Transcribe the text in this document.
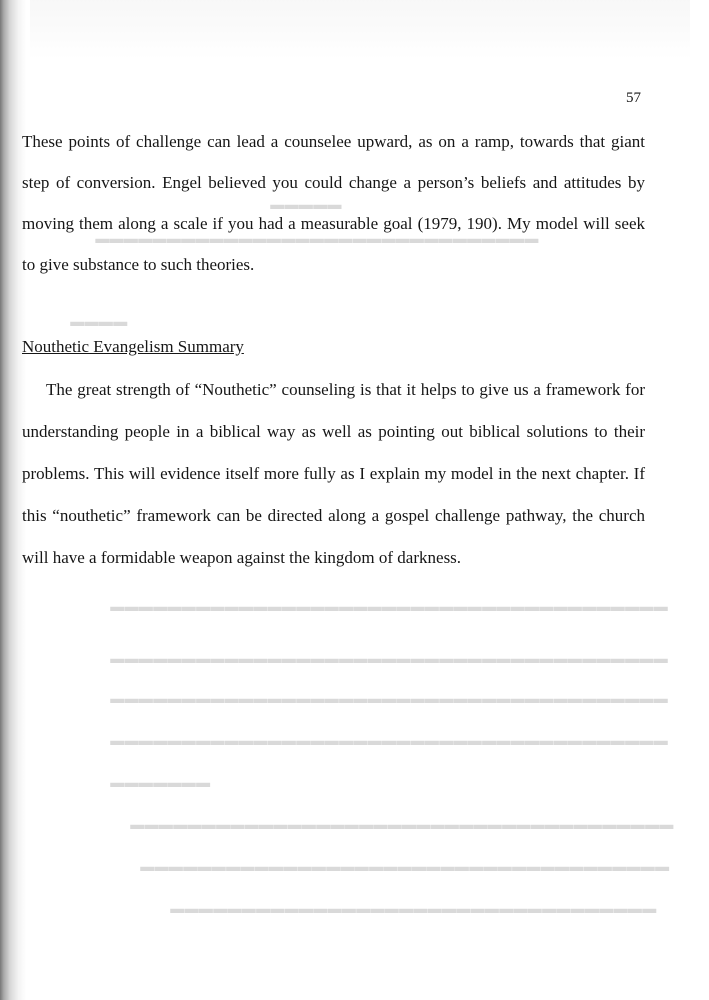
▬▬▬▬▬
▬▬▬▬▬▬▬▬▬▬▬▬▬▬▬▬▬▬▬▬▬▬▬▬▬▬▬▬▬▬▬
▬▬▬▬
▬▬▬▬▬▬▬▬▬▬▬▬▬▬▬▬▬▬▬▬▬▬▬▬▬▬▬▬▬▬▬▬▬▬▬▬▬▬▬
▬▬▬▬▬▬▬▬▬▬▬▬▬▬▬▬▬▬▬▬▬▬▬▬▬▬▬▬▬▬▬▬▬▬▬▬▬▬▬
▬▬▬▬▬▬▬▬▬▬▬▬▬▬▬▬▬▬▬▬▬▬▬▬▬▬▬▬▬▬▬▬▬▬▬▬▬▬▬
▬▬▬▬▬▬▬▬▬▬▬▬▬▬▬▬▬▬▬▬▬▬▬▬▬▬▬▬▬▬▬▬▬▬▬▬▬▬▬
▬▬▬▬▬▬▬
▬▬▬▬▬▬▬▬▬▬▬▬▬▬▬▬▬▬▬▬▬▬▬▬▬▬▬▬▬▬▬▬▬▬▬▬▬▬
▬▬▬▬▬▬▬▬▬▬▬▬▬▬▬▬▬▬▬▬▬▬▬▬▬▬▬▬▬▬▬▬▬▬▬▬▬
▬▬▬▬▬▬▬▬▬▬▬▬▬▬▬▬▬▬▬▬▬▬▬▬▬▬▬▬▬▬▬▬▬▬
57

These points of challenge can lead a counselee upward, as on a ramp, towards that giant step of conversion. Engel believed you could change a person’s beliefs and attitudes by moving them along a scale if you had a measurable goal (1979, 190). My model will seek to give substance to such theories.

Nouthetic Evangelism Summary

The great strength of “Nouthetic” counseling is that it helps to give us a framework for understanding people in a biblical way as well as pointing out biblical solutions to their problems. This will evidence itself more fully as I explain my model in the next chapter. If this “nouthetic” framework can be directed along a gospel challenge pathway, the church will have a formidable weapon against the kingdom of darkness.
